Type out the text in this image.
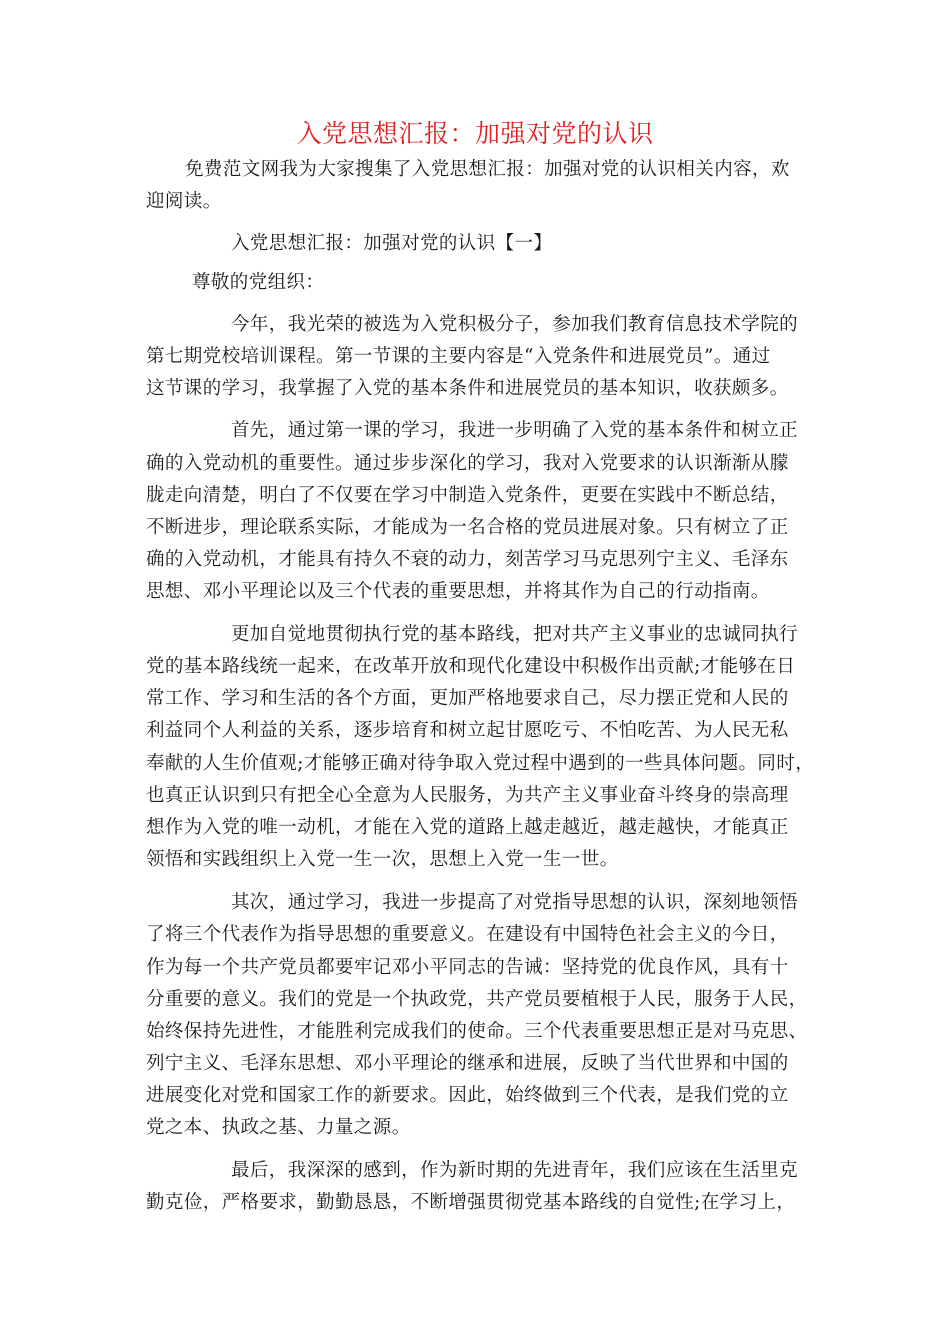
入党思想汇报：加强对党的认识
免费范文网我为大家搜集了入党思想汇报：加强对党的认识相关内容，欢
迎阅读。
入党思想汇报：加强对党的认识【一】
尊敬的党组织：
今年，我光荣的被选为入党积极分子，参加我们教育信息技术学院的
第七期党校培训课程。第一节课的主要内容是“入党条件和进展党员”。通过
这节课的学习，我掌握了入党的基本条件和进展党员的基本知识，收获颇多。
首先，通过第一课的学习，我进一步明确了入党的基本条件和树立正
确的入党动机的重要性。通过步步深化的学习，我对入党要求的认识渐渐从朦
胧走向清楚，明白了不仅要在学习中制造入党条件，更要在实践中不断总结，
不断进步，理论联系实际，才能成为一名合格的党员进展对象。只有树立了正
确的入党动机，才能具有持久不衰的动力，刻苦学习马克思列宁主义、毛泽东
思想、邓小平理论以及三个代表的重要思想，并将其作为自己的行动指南。
更加自觉地贯彻执行党的基本路线，把对共产主义事业的忠诚同执行
党的基本路线统一起来，在改革开放和现代化建设中积极作出贡献;才能够在日
常工作、学习和生活的各个方面，更加严格地要求自己，尽力摆正党和人民的
利益同个人利益的关系，逐步培育和树立起甘愿吃亏、不怕吃苦、为人民无私
奉献的人生价值观;才能够正确对待争取入党过程中遇到的一些具体问题。同时，
也真正认识到只有把全心全意为人民服务，为共产主义事业奋斗终身的崇高理
想作为入党的唯一动机，才能在入党的道路上越走越近，越走越快，才能真正
领悟和实践组织上入党一生一次，思想上入党一生一世。
其次，通过学习，我进一步提高了对党指导思想的认识，深刻地领悟
了将三个代表作为指导思想的重要意义。在建设有中国特色社会主义的今日，
作为每一个共产党员都要牢记邓小平同志的告诫：坚持党的优良作风，具有十
分重要的意义。我们的党是一个执政党，共产党员要植根于人民，服务于人民，
始终保持先进性，才能胜利完成我们的使命。三个代表重要思想正是对马克思、
列宁主义、毛泽东思想、邓小平理论的继承和进展，反映了当代世界和中国的
进展变化对党和国家工作的新要求。因此，始终做到三个代表，是我们党的立
党之本、执政之基、力量之源。
最后，我深深的感到，作为新时期的先进青年，我们应该在生活里克
勤克俭，严格要求，勤勤恳恳，不断增强贯彻党基本路线的自觉性;在学习上，
